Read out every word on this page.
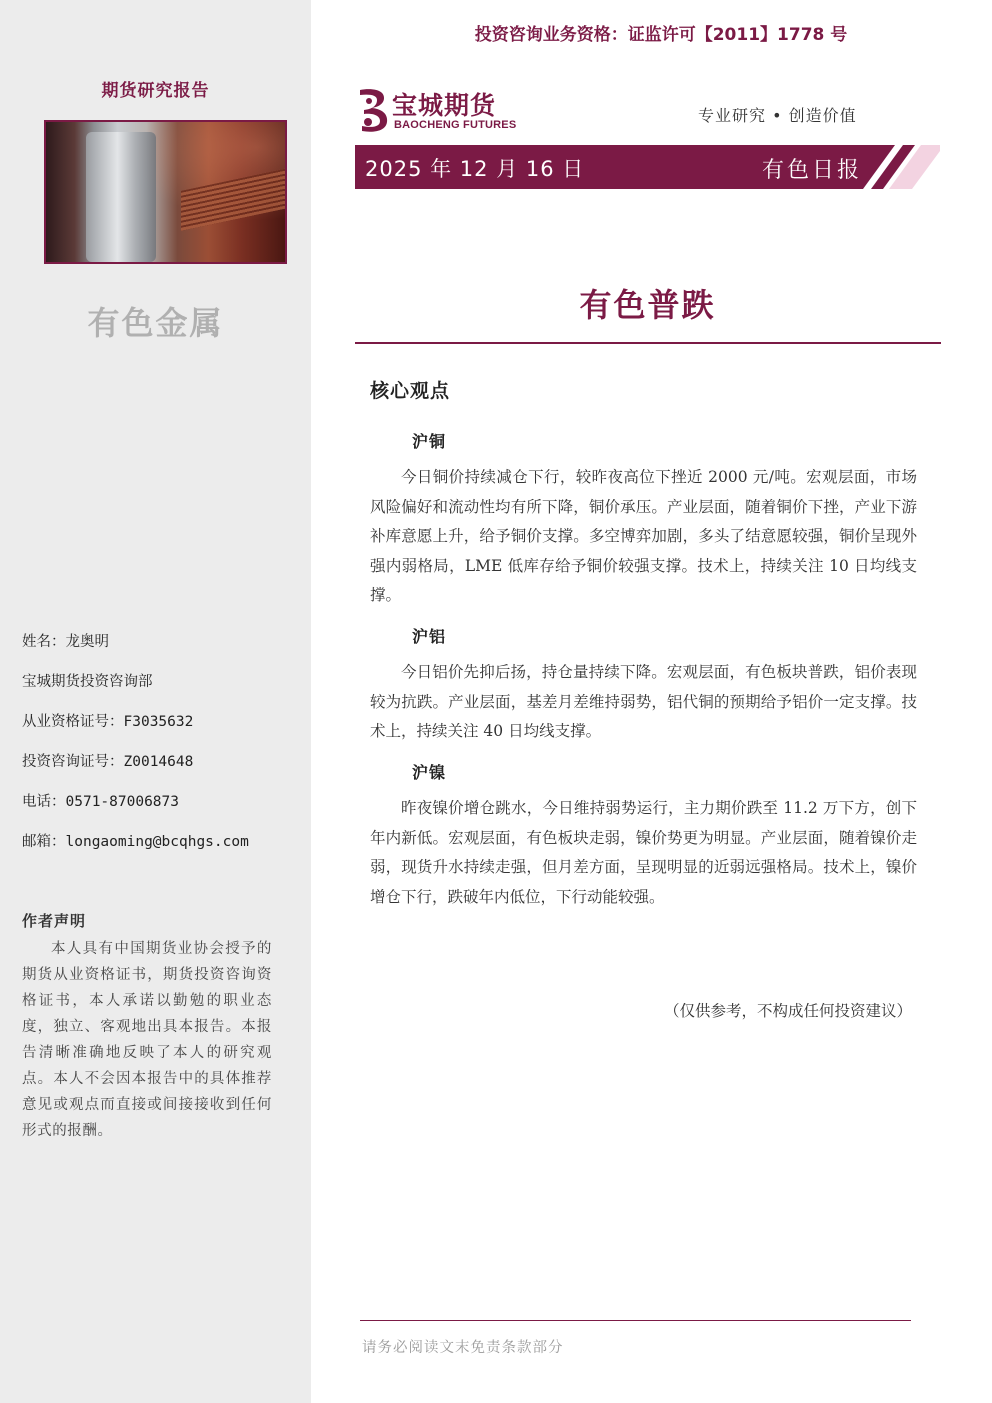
期货研究报告
有色金属
姓名：龙奥明
宝城期货投资咨询部
从业资格证号：F3035632
投资咨询证号：Z0014648
电话：0571-87006873
邮箱：longaoming@bcqhgs.com
作者声明
本人具有中国期货业协会授予的期货从业资格证书，期货投资咨询资格证书，本人承诺以勤勉的职业态度，独立、客观地出具本报告。本报告清晰准确地反映了本人的研究观点。本人不会因本报告中的具体推荐意见或观点而直接或间接接收到任何形式的报酬。
投资咨询业务资格：证监许可【2011】1778 号
宝城期货
BAOCHENG FUTURES	专业研究 • 创造价值
2025 年 12 月 16 日	有色日报
有色普跌
核心观点
沪铜

今日铜价持续减仓下行，较昨夜高位下挫近 2000 元/吨。宏观层面，市场风险偏好和流动性均有所下降，铜价承压。产业层面，随着铜价下挫，产业下游补库意愿上升，给予铜价支撑。多空博弈加剧，多头了结意愿较强，铜价呈现外强内弱格局，LME 低库存给予铜价较强支撑。技术上，持续关注 10 日均线支撑。

沪铝

今日铝价先抑后扬，持仓量持续下降。宏观层面，有色板块普跌，铝价表现较为抗跌。产业层面，基差月差维持弱势，铝代铜的预期给予铝价一定支撑。技术上，持续关注 40 日均线支撑。

沪镍

昨夜镍价增仓跳水，今日维持弱势运行，主力期价跌至 11.2 万下方，创下年内新低。宏观层面，有色板块走弱，镍价势更为明显。产业层面，随着镍价走弱，现货升水持续走强，但月差方面，呈现明显的近弱远强格局。技术上，镍价增仓下行，跌破年内低位，下行动能较强。

（仅供参考，不构成任何投资建议）
请务必阅读文末免责条款部分
